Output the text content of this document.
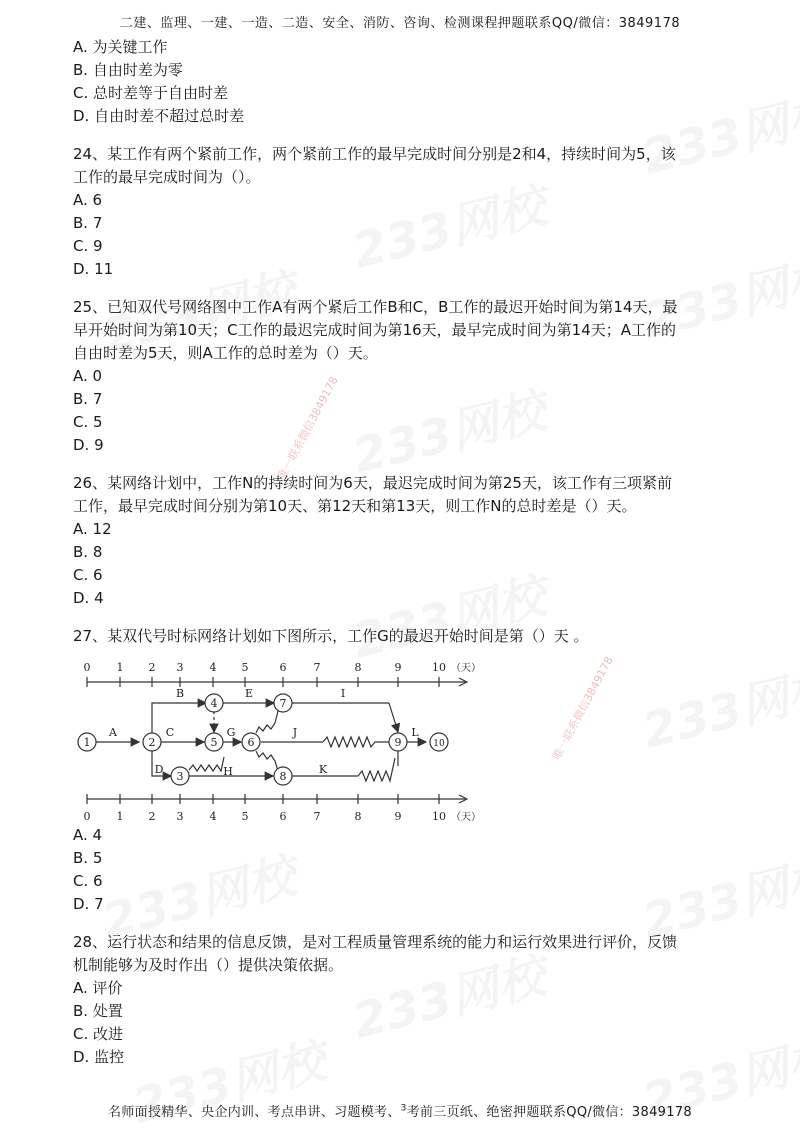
唯一联系微信3849178
唯一联系微信3849178
二建、监理、一建、一造、二造、安全、消防、咨询、检测课程押题联系QQ/微信：3849178
A. 为关键工作
B. 自由时差为零
C. 总时差等于自由时差
D. 自由时差不超过总时差
24、某工作有两个紧前工作，两个紧前工作的最早完成时间分别是2和4，持续时间为5，该
工作的最早完成时间为（）。
A. 6
B. 7
C. 9
D. 11
25、已知双代号网络图中工作A有两个紧后工作B和C，B工作的最迟开始时间为第14天，最
早开始时间为第10天；C工作的最迟完成时间为第16天，最早完成时间为第14天；A工作的
自由时差为5天，则A工作的总时差为（）天。
A. 0
B. 7
C. 5
D. 9
26、某网络计划中，工作N的持续时间为6天，最迟完成时间为第25天，该工作有三项紧前
工作，最早完成时间分别为第10天、第12天和第13天，则工作N的总时差是（）天。
A. 12
B. 8
C. 6
D. 4
27、某双代号时标网络计划如下图所示，工作G的最迟开始时间是第（）天 。
A. 4
B. 5
C. 6
D. 7
28、运行状态和结果的信息反馈，是对工程质量管理系统的能力和运行效果进行评价，反馈
机制能够为及时作出（）提供决策依据。
A. 评价
B. 处置
C. 改进
D. 监控
1	2
3
4
5	6
7
8
9	10
A
B
C
D
E
G
H
I
J
K
L
0 1 2 3 4 5	6 7	8	9	10 （天）
0 1 2 3 4 5	6 7	8	9	10 （天）
名师面授精华、央企内训、考点串讲、习题模考、$^3$考前三页纸、绝密押题联系QQ/微信：3849178
